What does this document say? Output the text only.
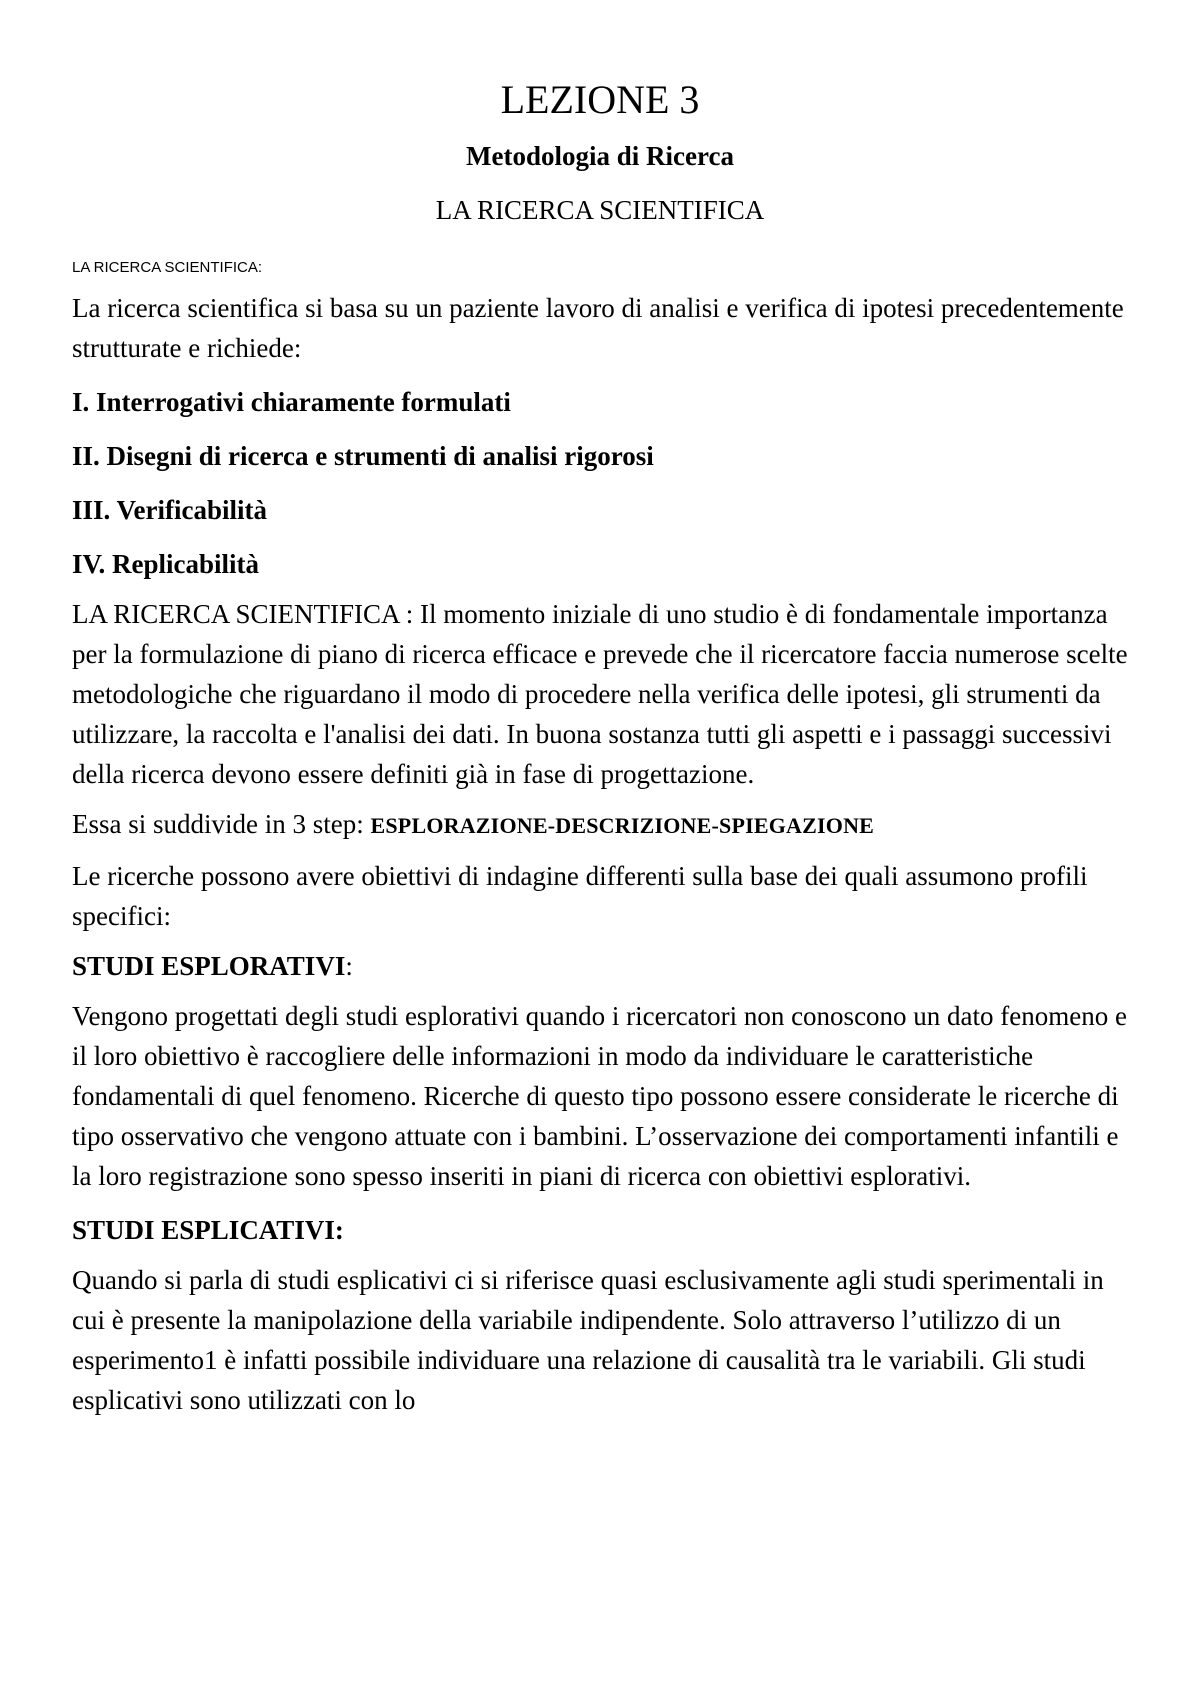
LEZIONE 3
Metodologia di Ricerca
LA RICERCA SCIENTIFICA
LA RICERCA SCIENTIFICA:

La ricerca scientifica si basa su un paziente lavoro di analisi e verifica di ipotesi precedentemente strutturate e richiede:

I. Interrogativi chiaramente formulati

II. Disegni di ricerca e strumenti di analisi rigorosi

III. Verificabilità

IV. Replicabilità

LA RICERCA SCIENTIFICA : Il momento iniziale di uno studio è di fondamentale importanza per la formulazione di piano di ricerca efficace e prevede che il ricercatore faccia numerose scelte metodologiche che riguardano il modo di procedere nella verifica delle ipotesi, gli strumenti da utilizzare, la raccolta e l'analisi dei dati. In buona sostanza tutti gli aspetti e i passaggi successivi della ricerca devono essere definiti già in fase di progettazione.

Essa si suddivide in 3 step: ESPLORAZIONE-DESCRIZIONE-SPIEGAZIONE

Le ricerche possono avere obiettivi di indagine differenti sulla base dei quali assumono profili specifici:

STUDI ESPLORATIVI:

Vengono progettati degli studi esplorativi quando i ricercatori non conoscono un dato fenomeno e il loro obiettivo è raccogliere delle informazioni in modo da individuare le caratteristiche fondamentali di quel fenomeno. Ricerche di questo tipo possono essere considerate le ricerche di tipo osservativo che vengono attuate con i bambini. L’osservazione dei comportamenti infantili e la loro registrazione sono spesso inseriti in piani di ricerca con obiettivi esplorativi.

STUDI ESPLICATIVI:

Quando si parla di studi esplicativi ci si riferisce quasi esclusivamente agli studi sperimentali in cui è presente la manipolazione della variabile indipendente. Solo attraverso l’utilizzo di un esperimento1 è infatti possibile individuare una relazione di causalità tra le variabili. Gli studi esplicativi sono utilizzati con lo
